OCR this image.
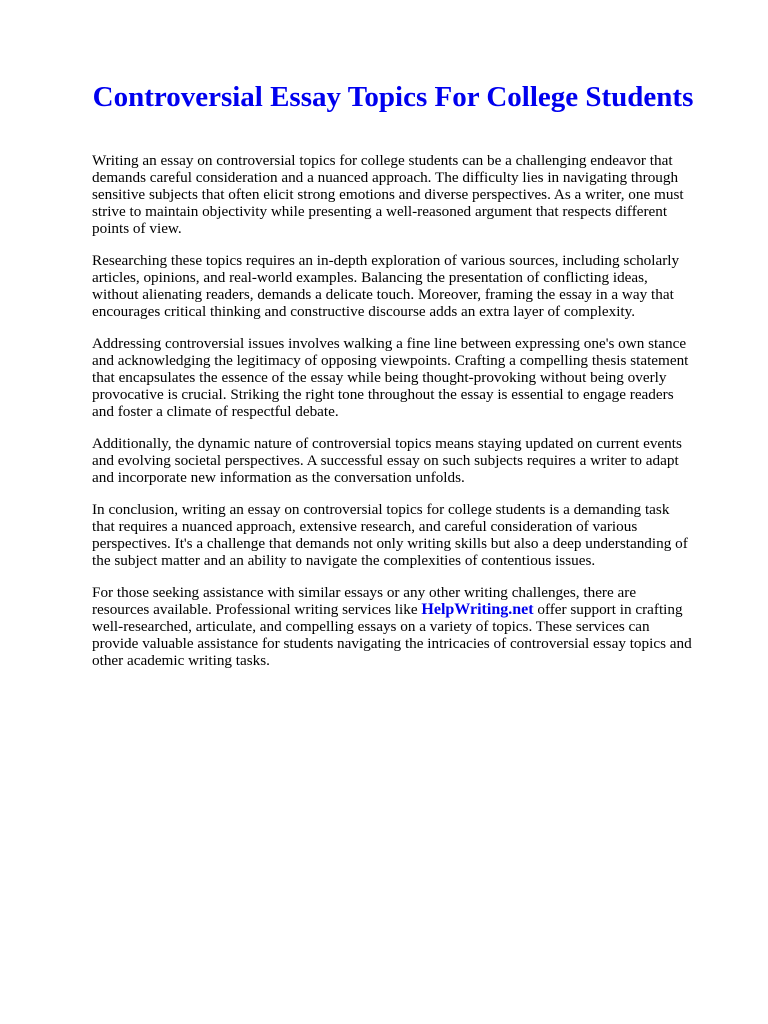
Controversial Essay Topics For College Students

Writing an essay on controversial topics for college students can be a challenging endeavor that demands careful consideration and a nuanced approach. The difficulty lies in navigating through sensitive subjects that often elicit strong emotions and diverse perspectives. As a writer, one must strive to maintain objectivity while presenting a well-reasoned argument that respects different points of view.

Researching these topics requires an in-depth exploration of various sources, including scholarly articles, opinions, and real-world examples. Balancing the presentation of conflicting ideas, without alienating readers, demands a delicate touch. Moreover, framing the essay in a way that encourages critical thinking and constructive discourse adds an extra layer of complexity.

Addressing controversial issues involves walking a fine line between expressing one's own stance and acknowledging the legitimacy of opposing viewpoints. Crafting a compelling thesis statement that encapsulates the essence of the essay while being thought-provoking without being overly provocative is crucial. Striking the right tone throughout the essay is essential to engage readers and foster a climate of respectful debate.

Additionally, the dynamic nature of controversial topics means staying updated on current events and evolving societal perspectives. A successful essay on such subjects requires a writer to adapt and incorporate new information as the conversation unfolds.

In conclusion, writing an essay on controversial topics for college students is a demanding task that requires a nuanced approach, extensive research, and careful consideration of various perspectives. It's a challenge that demands not only writing skills but also a deep understanding of the subject matter and an ability to navigate the complexities of contentious issues.

For those seeking assistance with similar essays or any other writing challenges, there are resources available. Professional writing services like HelpWriting.net offer support in crafting well-researched, articulate, and compelling essays on a variety of topics. These services can provide valuable assistance for students navigating the intricacies of controversial essay topics and other academic writing tasks.
